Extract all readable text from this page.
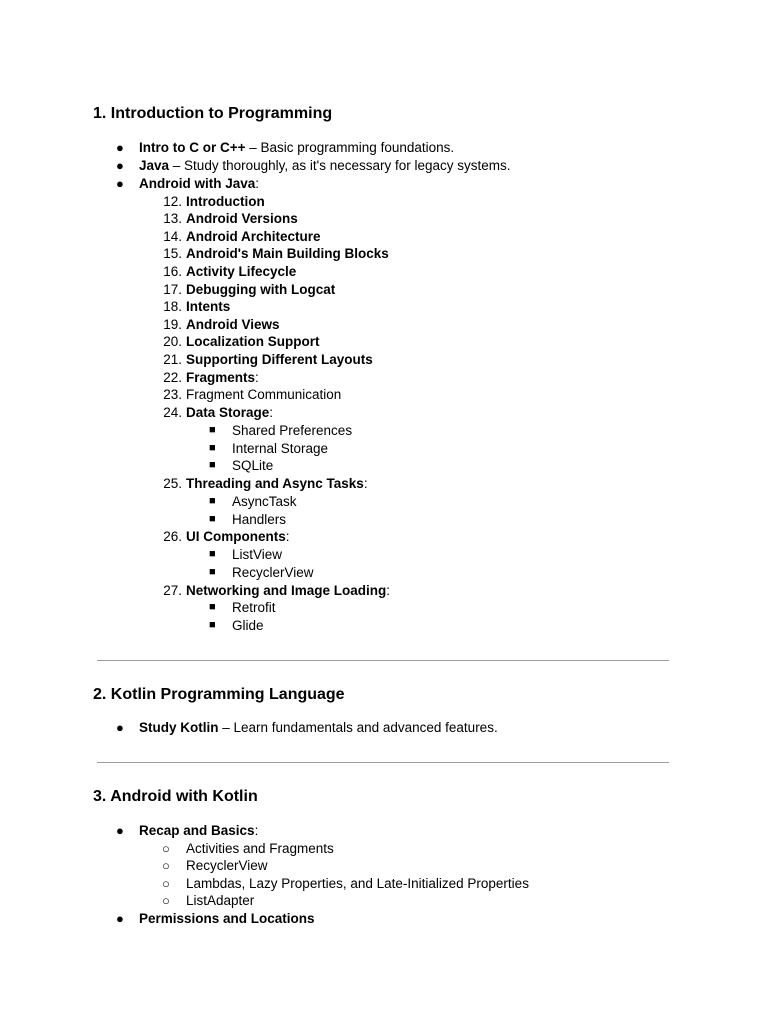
1. Introduction to Programming
● Intro to C or C++ – Basic programming foundations.
● Java – Study thoroughly, as it's necessary for legacy systems.
● Android with Java:
12. Introduction
13. Android Versions
14. Android Architecture
15. Android's Main Building Blocks
16. Activity Lifecycle
17. Debugging with Logcat
18. Intents
19. Android Views
20. Localization Support
21. Supporting Different Layouts
22. Fragments:
23. Fragment Communication
24. Data Storage:
■ Shared Preferences
■ Internal Storage
■ SQLite
25. Threading and Async Tasks:
■ AsyncTask
■ Handlers
26. UI Components:
■ ListView
■ RecyclerView
27. Networking and Image Loading:
■ Retrofit
■ Glide
2. Kotlin Programming Language
● Study Kotlin – Learn fundamentals and advanced features.
3. Android with Kotlin
● Recap and Basics:
○ Activities and Fragments
○ RecyclerView
○ Lambdas, Lazy Properties, and Late-Initialized Properties
○ ListAdapter
● Permissions and Locations
